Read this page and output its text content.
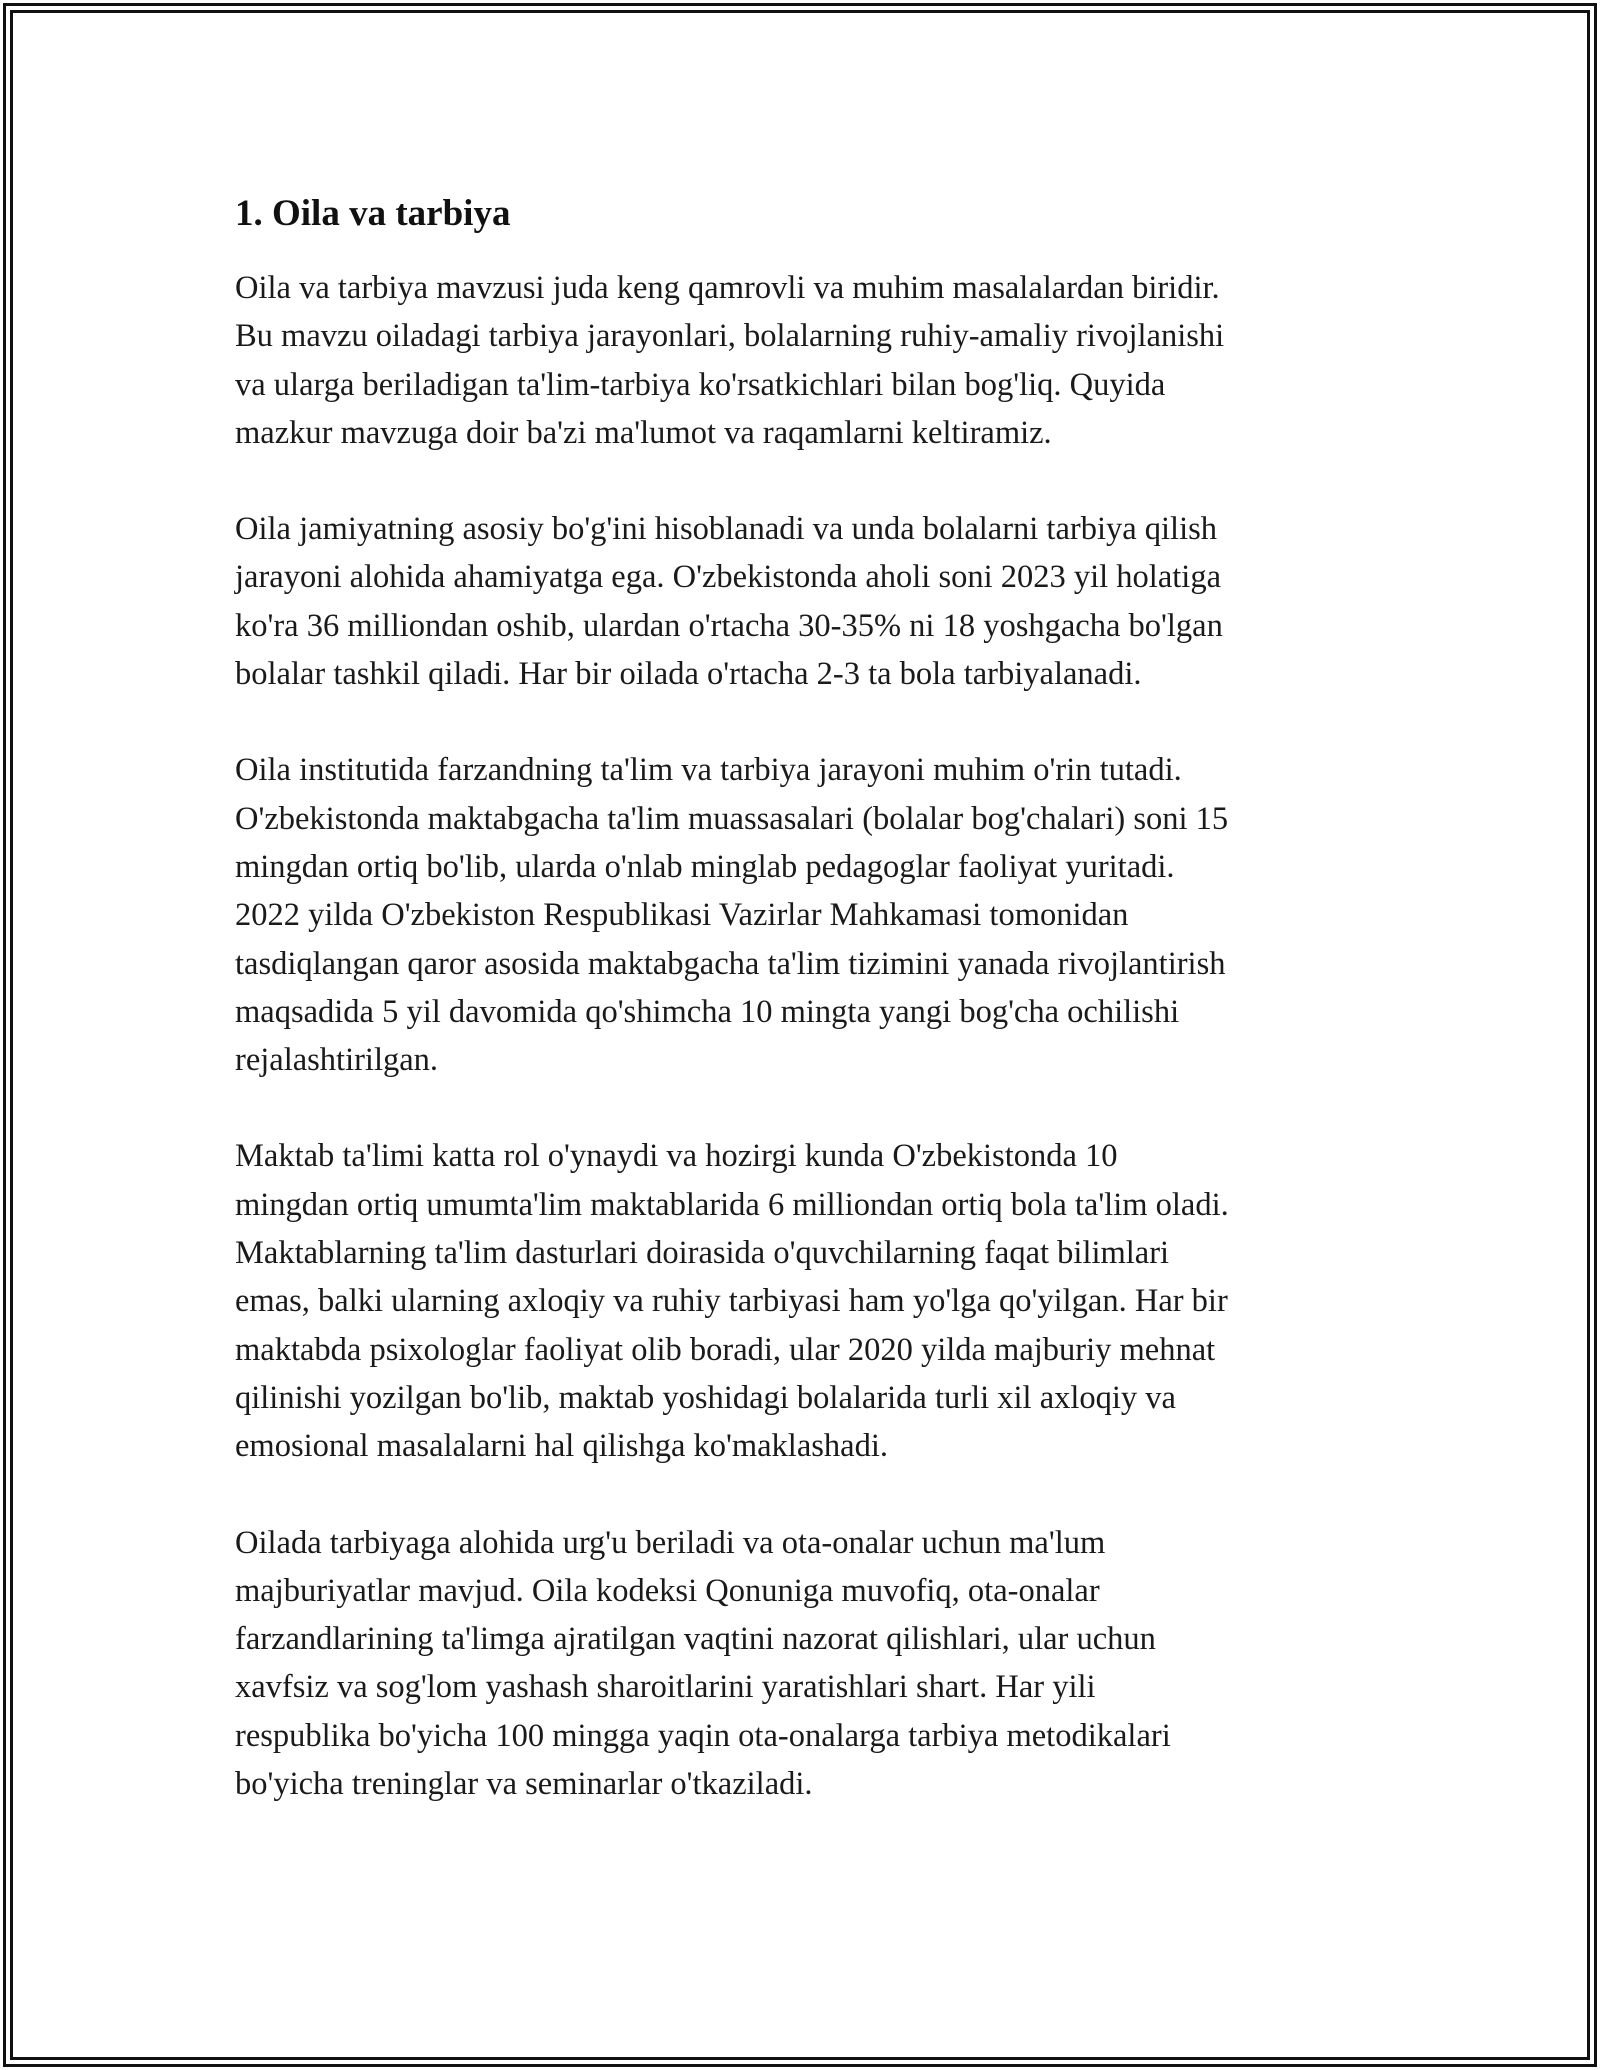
1. Oila va tarbiya

Oila va tarbiya mavzusi juda keng qamrovli va muhim masalalardan biridir.
Bu mavzu oiladagi tarbiya jarayonlari, bolalarning ruhiy-amaliy rivojlanishi
va ularga beriladigan ta'lim-tarbiya ko'rsatkichlari bilan bog'liq. Quyida
mazkur mavzuga doir ba'zi ma'lumot va raqamlarni keltiramiz.

Oila jamiyatning asosiy bo'g'ini hisoblanadi va unda bolalarni tarbiya qilish
jarayoni alohida ahamiyatga ega. O'zbekistonda aholi soni 2023 yil holatiga
ko'ra 36 milliondan oshib, ulardan o'rtacha 30-35% ni 18 yoshgacha bo'lgan
bolalar tashkil qiladi. Har bir oilada o'rtacha 2-3 ta bola tarbiyalanadi.

Oila institutida farzandning ta'lim va tarbiya jarayoni muhim o'rin tutadi.
O'zbekistonda maktabgacha ta'lim muassasalari (bolalar bog'chalari) soni 15
mingdan ortiq bo'lib, ularda o'nlab minglab pedagoglar faoliyat yuritadi.
2022 yilda O'zbekiston Respublikasi Vazirlar Mahkamasi tomonidan
tasdiqlangan qaror asosida maktabgacha ta'lim tizimini yanada rivojlantirish
maqsadida 5 yil davomida qo'shimcha 10 mingta yangi bog'cha ochilishi
rejalashtirilgan.

Maktab ta'limi katta rol o'ynaydi va hozirgi kunda O'zbekistonda 10
mingdan ortiq umumta'lim maktablarida 6 milliondan ortiq bola ta'lim oladi.
Maktablarning ta'lim dasturlari doirasida o'quvchilarning faqat bilimlari
emas, balki ularning axloqiy va ruhiy tarbiyasi ham yo'lga qo'yilgan. Har bir
maktabda psixologlar faoliyat olib boradi, ular 2020 yilda majburiy mehnat
qilinishi yozilgan bo'lib, maktab yoshidagi bolalarida turli xil axloqiy va
emosional masalalarni hal qilishga ko'maklashadi.

Oilada tarbiyaga alohida urg'u beriladi va ota-onalar uchun ma'lum
majburiyatlar mavjud. Oila kodeksi Qonuniga muvofiq, ota-onalar
farzandlarining ta'limga ajratilgan vaqtini nazorat qilishlari, ular uchun
xavfsiz va sog'lom yashash sharoitlarini yaratishlari shart. Har yili
respublika bo'yicha 100 mingga yaqin ota-onalarga tarbiya metodikalari
bo'yicha treninglar va seminarlar o'tkaziladi.
